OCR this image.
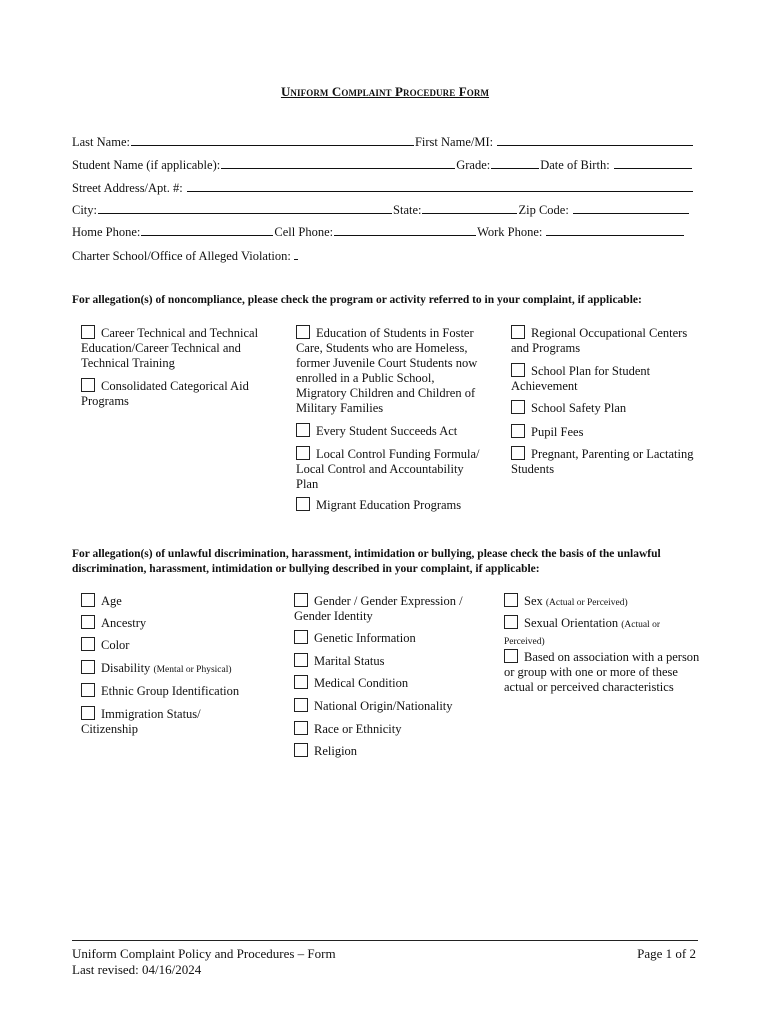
Uniform Complaint Procedure Form
Last Name:	First Name/MI:
Student Name (if applicable):	Grade:	Date of Birth:
Street Address/Apt. #:
City:	State:	Zip Code:
Home Phone:	Cell Phone:	Work Phone:
Charter School/Office of Alleged Violation:
For allegation(s) of noncompliance, please check the program or activity referred to in your complaint, if applicable:
Career Technical and Technical Education/Career Technical and Technical Training
Consolidated Categorical Aid Programs
Education of Students in Foster Care, Students who are Homeless, former Juvenile Court Students now enrolled in a Public School, Migratory Children and Children of Military Families
Every Student Succeeds Act
Local Control Funding Formula/ Local Control and Accountability Plan
Migrant Education Programs
Regional Occupational Centers and Programs
School Plan for Student Achievement
School Safety Plan
Pupil Fees
Pregnant, Parenting or Lactating Students
For allegation(s) of unlawful discrimination, harassment, intimidation or bullying, please check the basis of the unlawful discrimination, harassment, intimidation or bullying described in your complaint, if applicable:
Age
Ancestry
Color
Disability (Mental or Physical)
Ethnic Group Identification
Immigration Status/ Citizenship
Gender / Gender Expression / Gender Identity
Genetic Information
Marital Status
Medical Condition
National Origin/Nationality
Race or Ethnicity
Religion
Sex (Actual or Perceived)
Sexual Orientation (Actual or Perceived)
Based on association with a person or group with one or more of these actual or perceived characteristics
Uniform Complaint Policy and Procedures – Form
Last revised: 04/16/2024
Page 1 of 2
